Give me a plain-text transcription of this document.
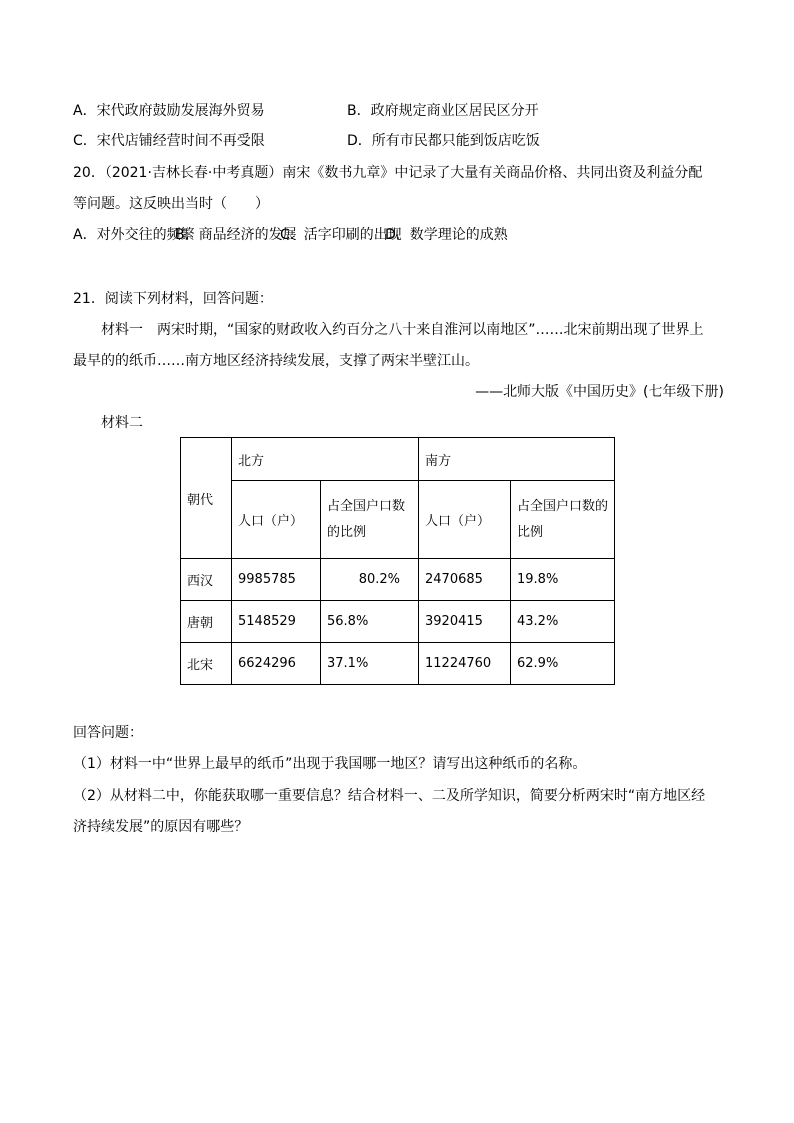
A．宋代政府鼓励发展海外贸易	B．政府规定商业区居民区分开
C．宋代店铺经营时间不再受限	D．所有市民都只能到饭店吃饭
20．（2021·吉林长春·中考真题）南宋《数书九章》中记录了大量有关商品价格、共同出资及利益分配
等问题。这反映出当时（　　）
A．对外交往的频繁
B．商品经济的发展
C．活字印刷的出现
D．数学理论的成熟
21．阅读下列材料，回答问题：
材料一　两宋时期，“国家的财政收入约百分之八十来自淮河以南地区”……北宋前期出现了世界上
最早的的纸币……南方地区经济持续发展，支撑了两宋半壁江山。
——北师大版《中国历史》(七年级下册)
材料二
朝代	北方		南方	
	人口（户）	占全国户口数的比例	人口（户）	占全国户口数的比例
西汉	9985785	80.2%	2470685	19.8%
唐朝	5148529	56.8%	3920415	43.2%
北宋	6624296	37.1%	11224760	62.9%
回答问题：
（1）材料一中“世界上最早的纸币”出现于我国哪一地区？请写出这种纸币的名称。
（2）从材料二中，你能获取哪一重要信息？结合材料一、二及所学知识，简要分析两宋时“南方地区经
济持续发展”的原因有哪些？
